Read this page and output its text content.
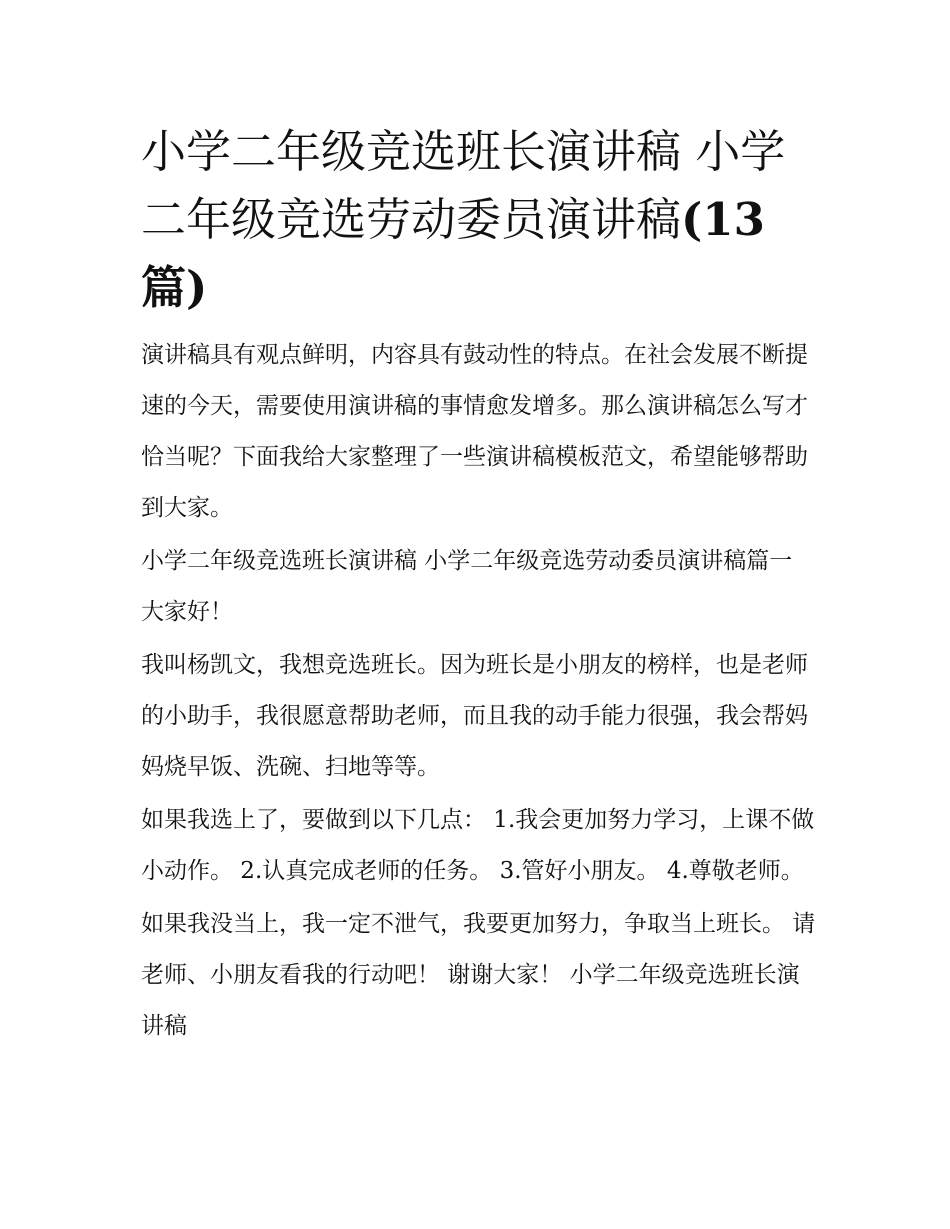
小学二年级竞选班长演讲稿 小学二年级竞选劳动委员演讲稿(13 篇)

演讲稿具有观点鲜明，内容具有鼓动性的特点。在社会发展不断提速的今天，需要使用演讲稿的事情愈发增多。那么演讲稿怎么写才恰当呢？下面我给大家整理了一些演讲稿模板范文，希望能够帮助到大家。

小学二年级竞选班长演讲稿 小学二年级竞选劳动委员演讲稿篇一 大家好！

我叫杨凯文，我想竞选班长。因为班长是小朋友的榜样，也是老师的小助手，我很愿意帮助老师，而且我的动手能力很强，我会帮妈妈烧早饭、洗碗、扫地等等。

如果我选上了，要做到以下几点： 1.我会更加努力学习，上课不做小动作。 2.认真完成老师的任务。 3.管好小朋友。 4.尊敬老师。

如果我没当上，我一定不泄气，我要更加努力，争取当上班长。 请老师、小朋友看我的行动吧！ 谢谢大家！ 小学二年级竞选班长演讲稿
